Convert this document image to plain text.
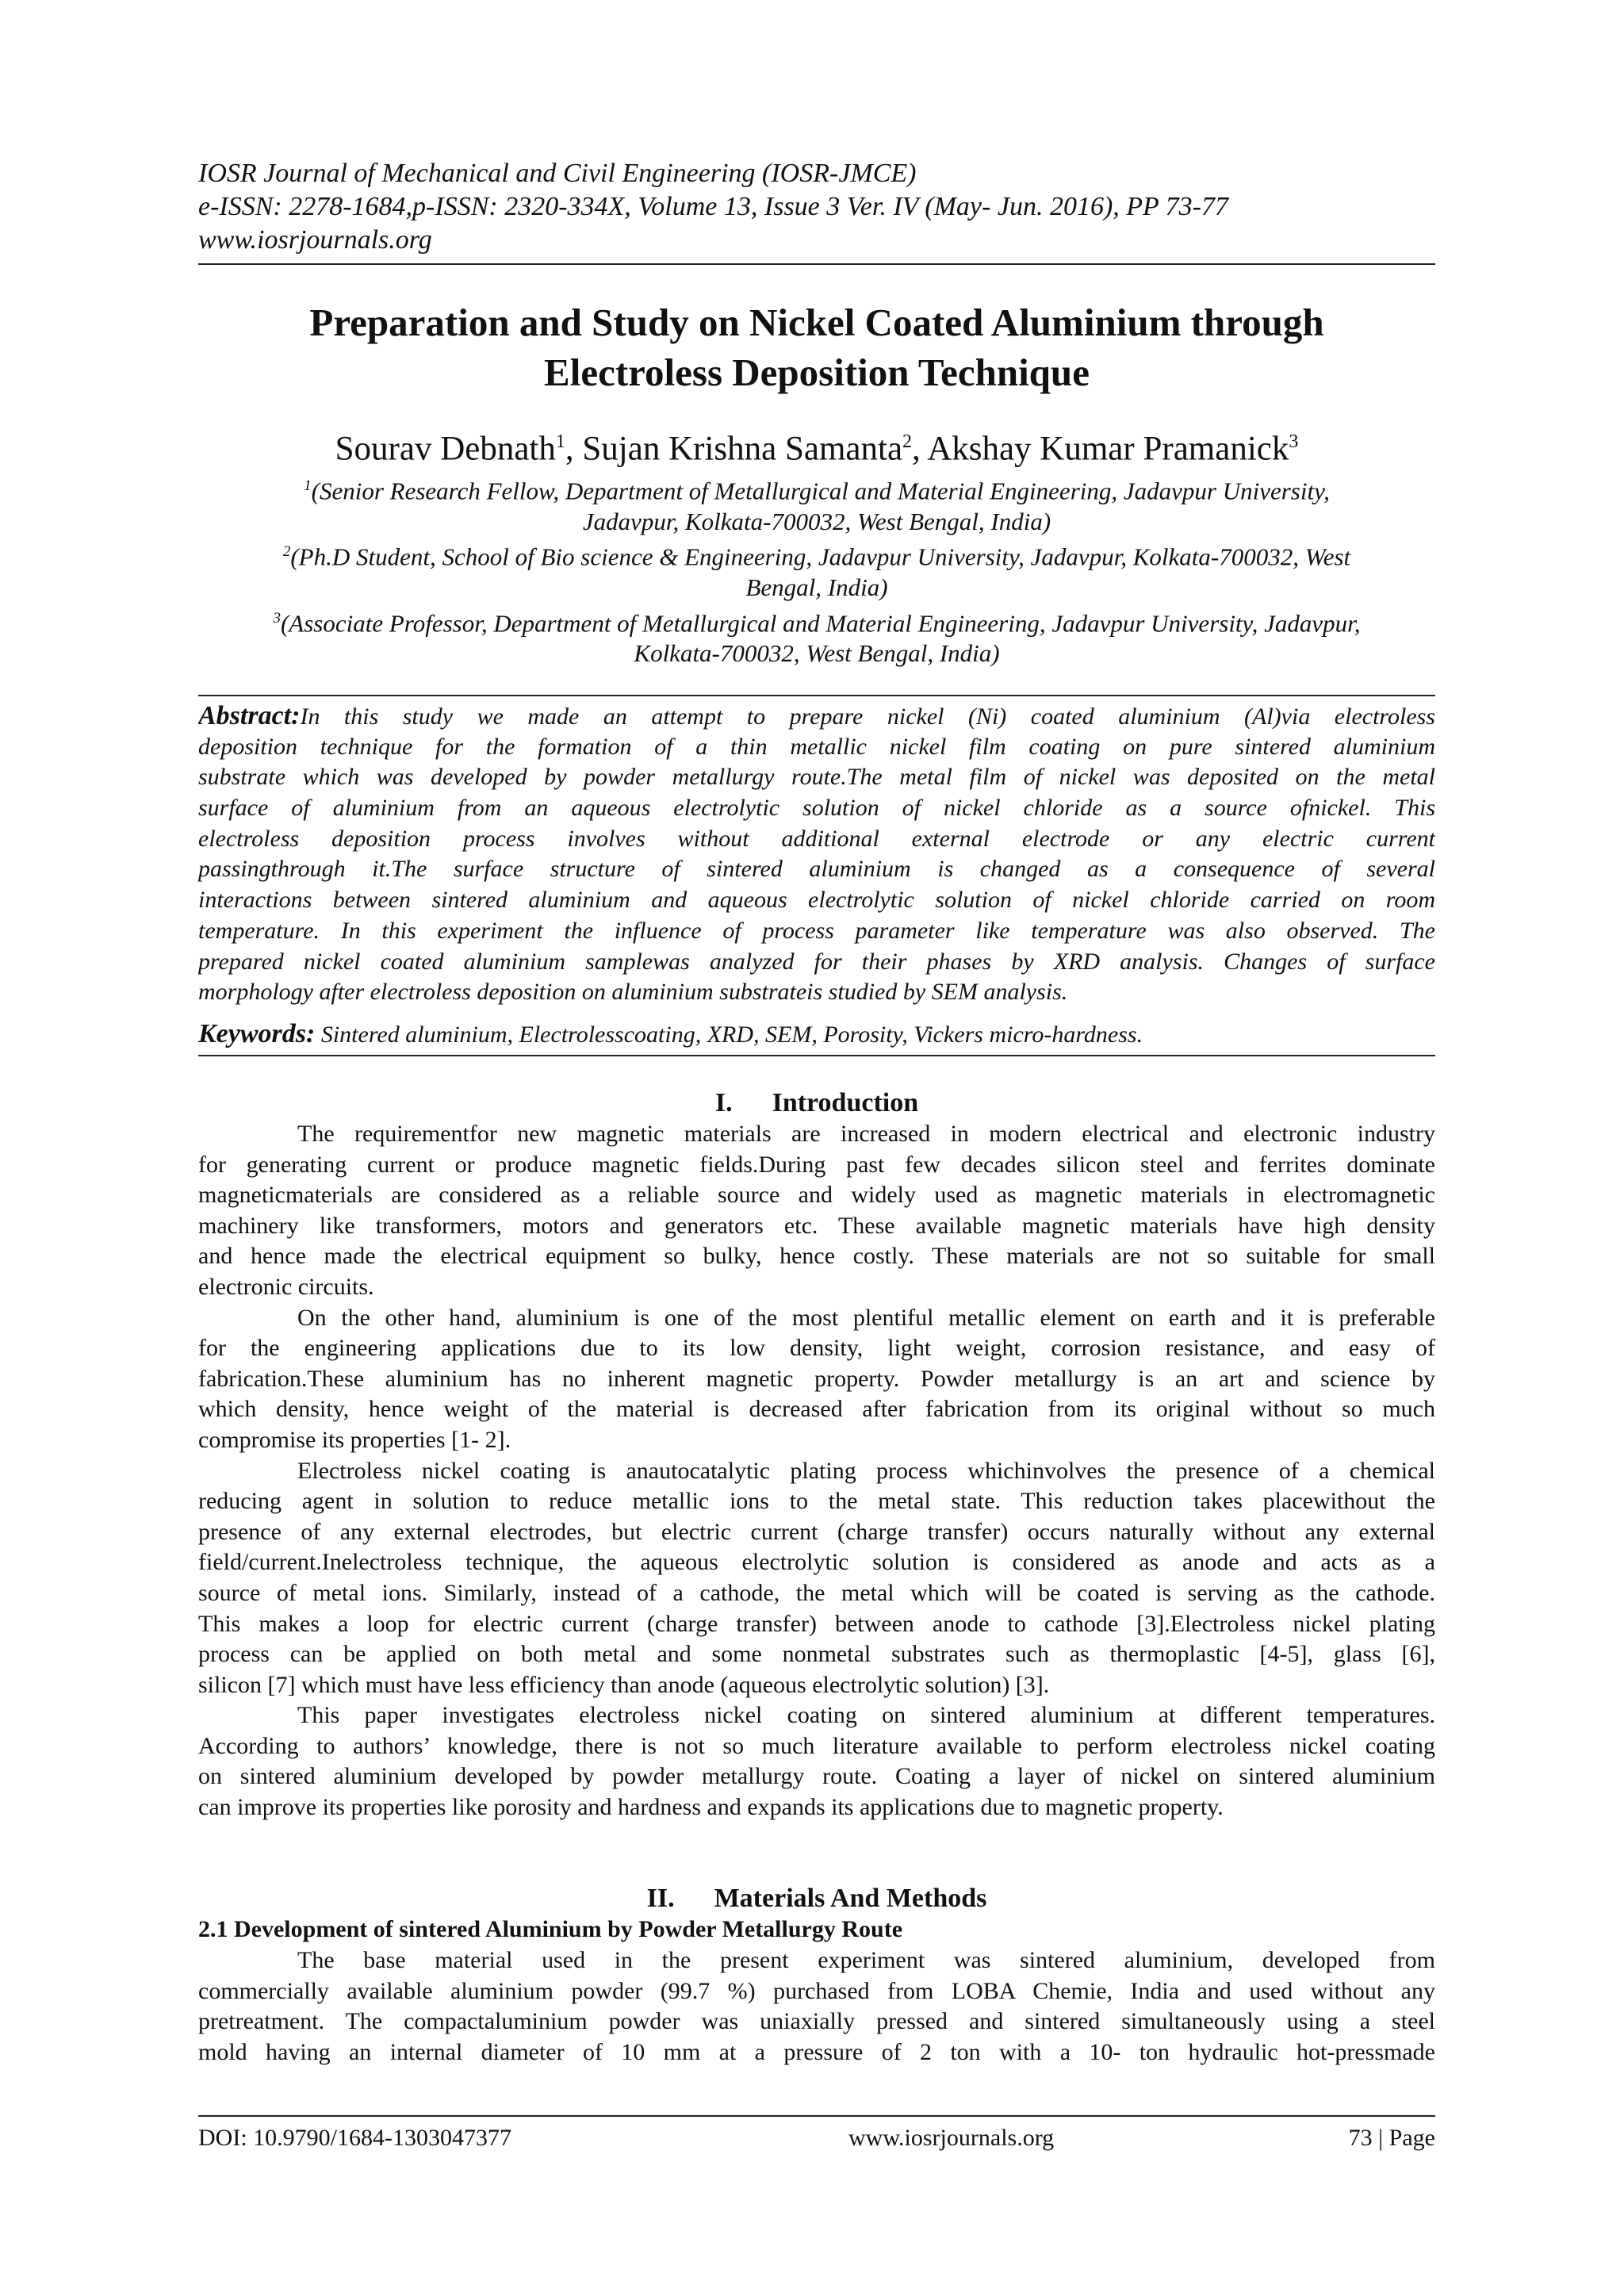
IOSR Journal of Mechanical and Civil Engineering (IOSR-JMCE)
e-ISSN: 2278-1684,p-ISSN: 2320-334X, Volume 13, Issue 3 Ver. IV (May- Jun. 2016), PP 73-77
www.iosrjournals.org
Preparation and Study on Nickel Coated Aluminium through
Electroless Deposition Technique
Sourav Debnath$^1$, Sujan Krishna Samanta$^2$, Akshay Kumar Pramanick$^3$
$^1$(Senior Research Fellow, Department of Metallurgical and Material Engineering, Jadavpur University,
Jadavpur, Kolkata-700032, West Bengal, India)
$^2$(Ph.D Student, School of Bio science & Engineering, Jadavpur University, Jadavpur, Kolkata-700032, West
Bengal, India)
$^3$(Associate Professor, Department of Metallurgical and Material Engineering, Jadavpur University, Jadavpur,
Kolkata-700032, West Bengal, India)
Abstract:In this study we made an attempt to prepare nickel (Ni) coated aluminium (Al)via electroless
deposition technique for the formation of a thin metallic nickel film coating on pure sintered aluminium
substrate which was developed by powder metallurgy route.The metal film of nickel was deposited on the metal
surface of aluminium from an aqueous electrolytic solution of nickel chloride as a source ofnickel. This
electroless deposition process involves without additional external electrode or any electric current
passingthrough it.The surface structure of sintered aluminium is changed as a consequence of several
interactions between sintered aluminium and aqueous electrolytic solution of nickel chloride carried on room
temperature. In this experiment the influence of process parameter like temperature was also observed. The
prepared nickel coated aluminium samplewas analyzed for their phases by XRD analysis. Changes of surface
morphology after electroless deposition on aluminium substrateis studied by SEM analysis.
Keywords: Sintered aluminium, Electrolesscoating, XRD, SEM, Porosity, Vickers micro-hardness.
I. Introduction
The requirementfor new magnetic materials are increased in modern electrical and electronic industry
for generating current or produce magnetic fields.During past few decades silicon steel and ferrites dominate
magneticmaterials are considered as a reliable source and widely used as magnetic materials in electromagnetic
machinery like transformers, motors and generators etc. These available magnetic materials have high density
and hence made the electrical equipment so bulky, hence costly. These materials are not so suitable for small
electronic circuits.
On the other hand, aluminium is one of the most plentiful metallic element on earth and it is preferable
for the engineering applications due to its low density, light weight, corrosion resistance, and easy of
fabrication.These aluminium has no inherent magnetic property. Powder metallurgy is an art and science by
which density, hence weight of the material is decreased after fabrication from its original without so much
compromise its properties [1- 2].
Electroless nickel coating is anautocatalytic plating process whichinvolves the presence of a chemical
reducing agent in solution to reduce metallic ions to the metal state. This reduction takes placewithout the
presence of any external electrodes, but electric current (charge transfer) occurs naturally without any external
field/current.Inelectroless technique, the aqueous electrolytic solution is considered as anode and acts as a
source of metal ions. Similarly, instead of a cathode, the metal which will be coated is serving as the cathode.
This makes a loop for electric current (charge transfer) between anode to cathode [3].Electroless nickel plating
process can be applied on both metal and some nonmetal substrates such as thermoplastic [4-5], glass [6],
silicon [7] which must have less efficiency than anode (aqueous electrolytic solution) [3].
This paper investigates electroless nickel coating on sintered aluminium at different temperatures.
According to authors’ knowledge, there is not so much literature available to perform electroless nickel coating
on sintered aluminium developed by powder metallurgy route. Coating a layer of nickel on sintered aluminium
can improve its properties like porosity and hardness and expands its applications due to magnetic property.
II. Materials And Methods
2.1 Development of sintered Aluminium by Powder Metallurgy Route
The base material used in the present experiment was sintered aluminium, developed from
commercially available aluminium powder (99.7 %) purchased from LOBA Chemie, India and used without any
pretreatment. The compactaluminium powder was uniaxially pressed and sintered simultaneously using a steel
mold having an internal diameter of 10 mm at a pressure of 2 ton with a 10- ton hydraulic hot-pressmade
DOI: 10.9790/1684-1303047377	www.iosrjournals.org	73 | Page
